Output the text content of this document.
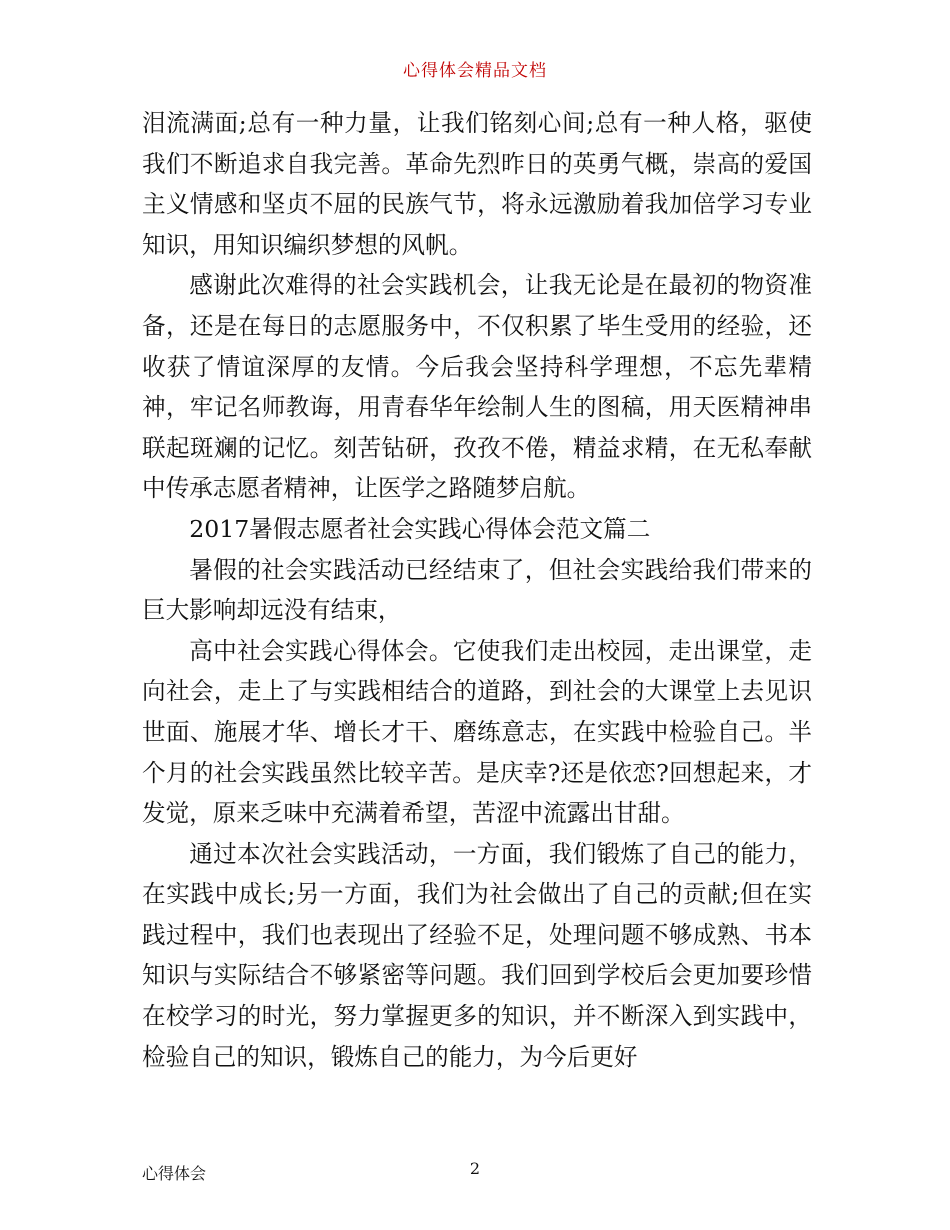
心得体会精品文档

泪流满面;总有一种力量，让我们铭刻心间;总有一种人格，驱使我们不断追求自我完善。革命先烈昨日的英勇气概，崇高的爱国主义情感和坚贞不屈的民族气节，将永远激励着我加倍学习专业知识，用知识编织梦想的风帆。

感谢此次难得的社会实践机会，让我无论是在最初的物资准备，还是在每日的志愿服务中，不仅积累了毕生受用的经验，还收获了情谊深厚的友情。今后我会坚持科学理想，不忘先辈精神，牢记名师教诲，用青春华年绘制人生的图稿，用天医精神串联起斑斓的记忆。刻苦钻研，孜孜不倦，精益求精，在无私奉献中传承志愿者精神，让医学之路随梦启航。

2017暑假志愿者社会实践心得体会范文篇二

暑假的社会实践活动已经结束了，但社会实践给我们带来的巨大影响却远没有结束，

高中社会实践心得体会。它使我们走出校园，走出课堂，走向社会，走上了与实践相结合的道路，到社会的大课堂上去见识世面、施展才华、增长才干、磨练意志，在实践中检验自己。半个月的社会实践虽然比较辛苦。是庆幸?还是依恋?回想起来，才发觉，原来乏味中充满着希望，苦涩中流露出甘甜。

通过本次社会实践活动，一方面，我们锻炼了自己的能力，在实践中成长;另一方面，我们为社会做出了自己的贡献;但在实践过程中，我们也表现出了经验不足，处理问题不够成熟、书本知识与实际结合不够紧密等问题。我们回到学校后会更加要珍惜在校学习的时光，努力掌握更多的知识，并不断深入到实践中，检验自己的知识，锻炼自己的能力，为今后更好

心得体会	2
